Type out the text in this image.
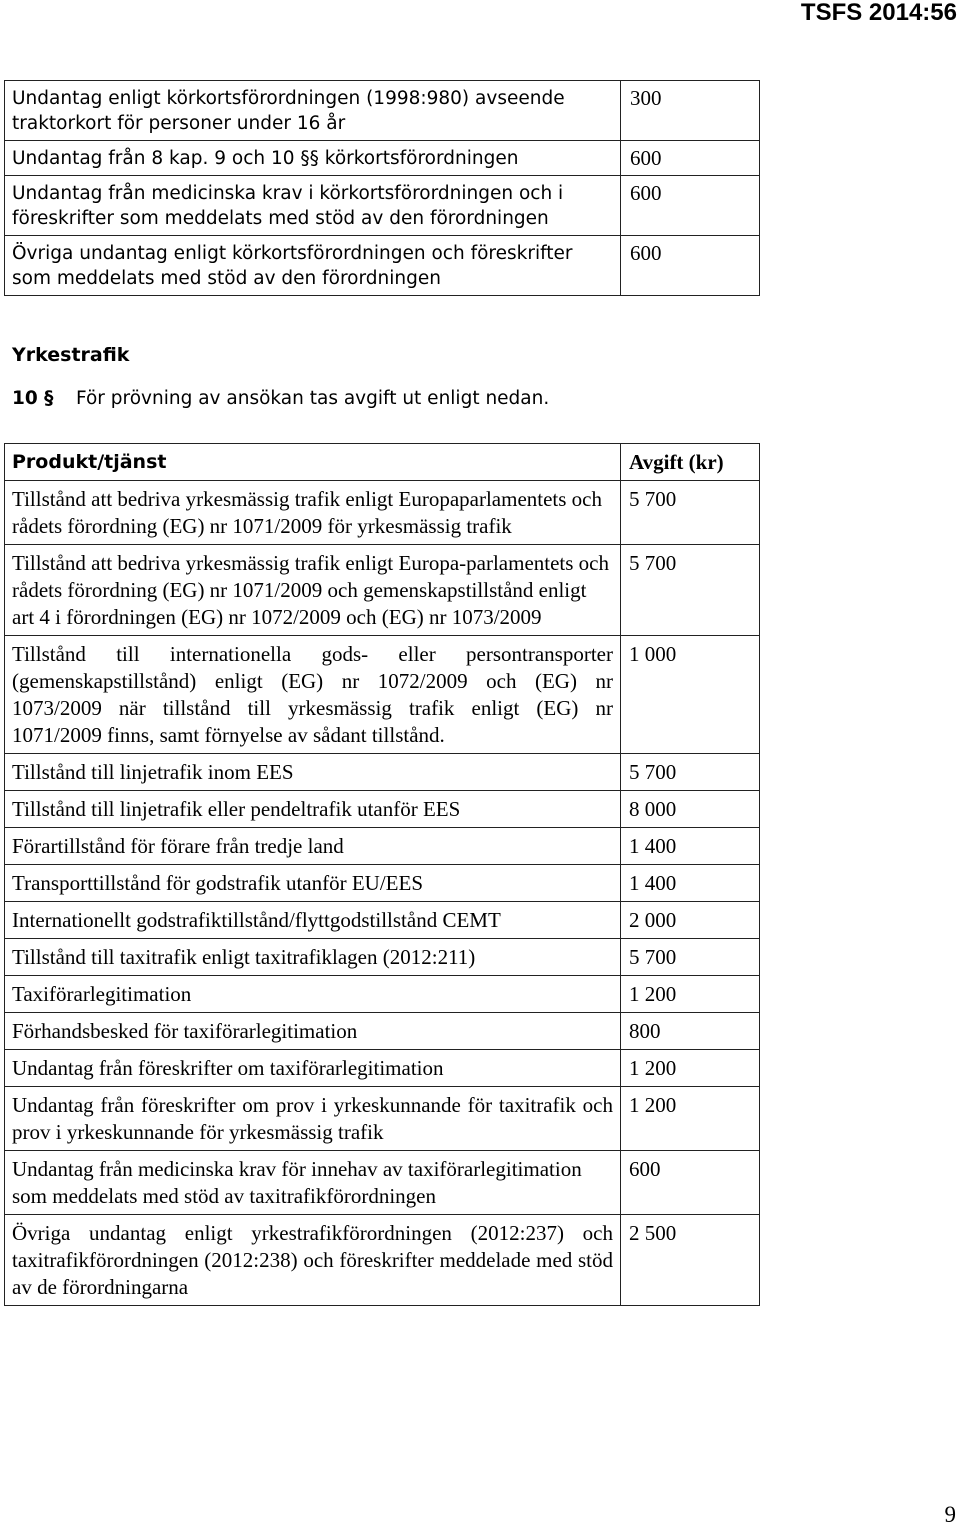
TSFS 2014:56
Undantag enligt körkortsförordningen (1998:980) avseende traktorkort för personer under 16 år	300
Undantag från 8 kap. 9 och 10 §§ körkortsförordningen	600
Undantag från medicinska krav i körkortsförordningen och i föreskrifter som meddelats med stöd av den förordningen	600
Övriga undantag enligt körkortsförordningen och föreskrifter som meddelats med stöd av den förordningen	600
Yrkestrafik
10 § För prövning av ansökan tas avgift ut enligt nedan.
Produkt/tjänst	Avgift (kr)
Tillstånd att bedriva yrkesmässig trafik enligt Europaparlamentets och rådets förordning (EG) nr 1071/2009 för yrkesmässig trafik	5 700
Tillstånd att bedriva yrkesmässig trafik enligt Europa-parlamentets och rådets förordning (EG) nr 1071/2009 och gemenskapstillstånd enligt art 4 i förordningen (EG) nr 1072/2009 och (EG) nr 1073/2009	5 700
Tillstånd till internationella gods- eller persontransporter (gemenskapstillstånd) enligt (EG) nr 1072/2009 och (EG) nr 1073/2009 när tillstånd till yrkesmässig trafik enligt (EG) nr 1071/2009 finns, samt förnyelse av sådant tillstånd.	1 000
Tillstånd till linjetrafik inom EES	5 700
Tillstånd till linjetrafik eller pendeltrafik utanför EES	8 000
Förartillstånd för förare från tredje land	1 400
Transporttillstånd för godstrafik utanför EU/EES	1 400
Internationellt godstrafiktillstånd/flyttgodstillstånd CEMT	2 000
Tillstånd till taxitrafik enligt taxitrafiklagen (2012:211)	5 700
Taxiförarlegitimation	1 200
Förhandsbesked för taxiförarlegitimation	800
Undantag från föreskrifter om taxiförarlegitimation	1 200
Undantag från föreskrifter om prov i yrkeskunnande för taxitrafik och prov i yrkeskunnande för yrkesmässig trafik	1 200
Undantag från medicinska krav för innehav av taxiförarlegitimation som meddelats med stöd av taxitrafikförordningen	600
Övriga undantag enligt yrkestrafikförordningen (2012:237) och taxitrafikförordningen (2012:238) och föreskrifter meddelade med stöd av de förordningarna	2 500
9
